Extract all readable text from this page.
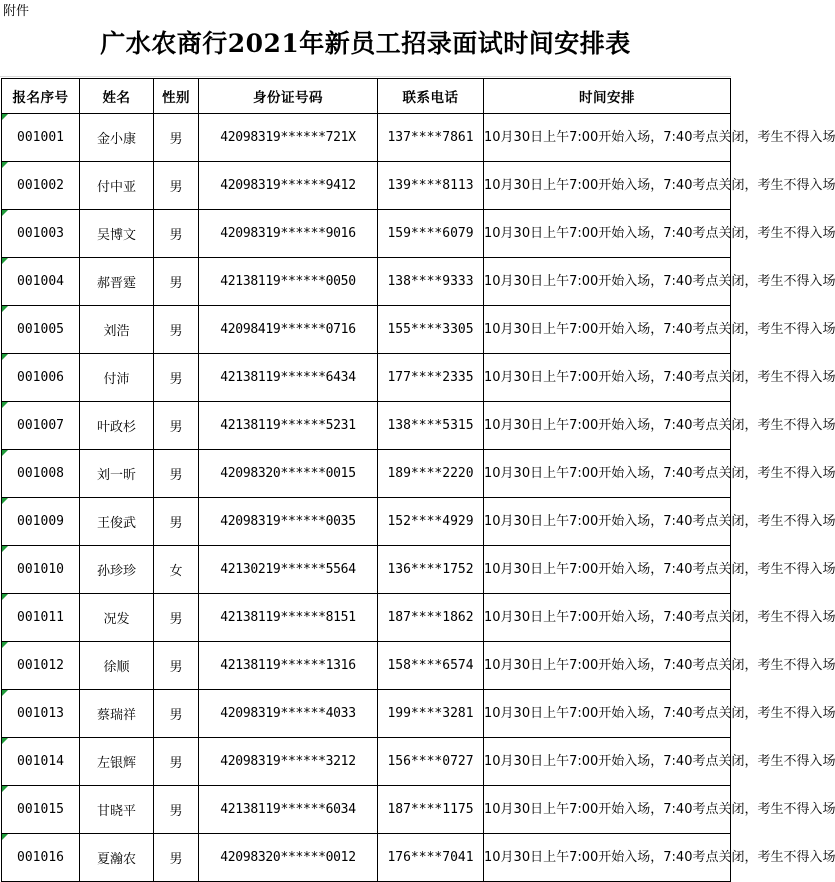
附件
广水农商行2021年新员工招录面试时间安排表
报名序号	姓名	性别	身份证号码	联系电话	时间安排
001001	金小康	男	42098319******721X	137****7861	10月30日上午7:00开始入场，7:40考点关闭，考生不得入场
001002	付中亚	男	42098319******9412	139****8113	10月30日上午7:00开始入场，7:40考点关闭，考生不得入场
001003	吴博文	男	42098319******9016	159****6079	10月30日上午7:00开始入场，7:40考点关闭，考生不得入场
001004	郝晋霆	男	42138119******0050	138****9333	10月30日上午7:00开始入场，7:40考点关闭，考生不得入场
001005	刘浩	男	42098419******0716	155****3305	10月30日上午7:00开始入场，7:40考点关闭，考生不得入场
001006	付沛	男	42138119******6434	177****2335	10月30日上午7:00开始入场，7:40考点关闭，考生不得入场
001007	叶政杉	男	42138119******5231	138****5315	10月30日上午7:00开始入场，7:40考点关闭，考生不得入场
001008	刘一昕	男	42098320******0015	189****2220	10月30日上午7:00开始入场，7:40考点关闭，考生不得入场
001009	王俊武	男	42098319******0035	152****4929	10月30日上午7:00开始入场，7:40考点关闭，考生不得入场
001010	孙珍珍	女	42130219******5564	136****1752	10月30日上午7:00开始入场，7:40考点关闭，考生不得入场
001011	况发	男	42138119******8151	187****1862	10月30日上午7:00开始入场，7:40考点关闭，考生不得入场
001012	徐顺	男	42138119******1316	158****6574	10月30日上午7:00开始入场，7:40考点关闭，考生不得入场
001013	蔡瑞祥	男	42098319******4033	199****3281	10月30日上午7:00开始入场，7:40考点关闭，考生不得入场
001014	左银辉	男	42098319******3212	156****0727	10月30日上午7:00开始入场，7:40考点关闭，考生不得入场
001015	甘晓平	男	42138119******6034	187****1175	10月30日上午7:00开始入场，7:40考点关闭，考生不得入场
001016	夏瀚农	男	42098320******0012	176****7041	10月30日上午7:00开始入场，7:40考点关闭，考生不得入场
